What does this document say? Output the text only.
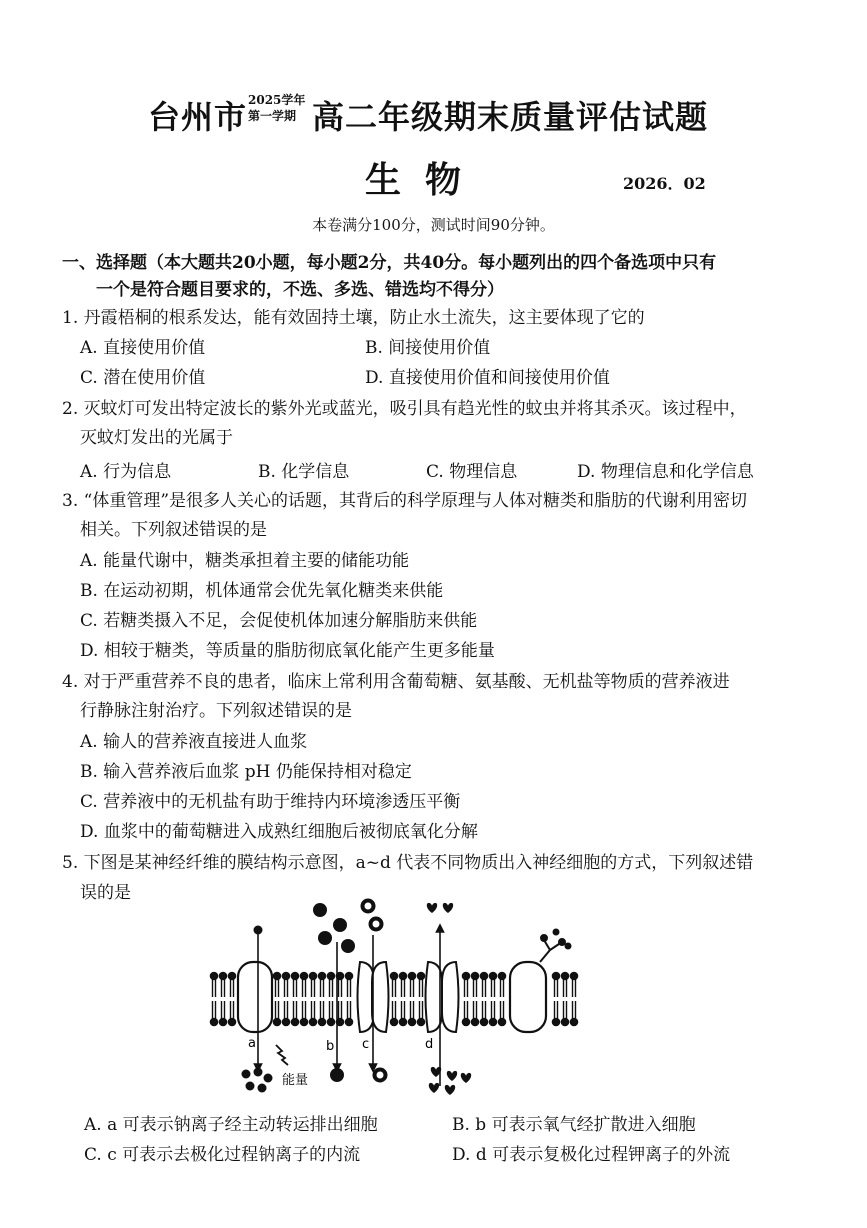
台州市 2025学年
第一学期 高二年级期末质量评估试题
生物	2026．02
本卷满分100分，测试时间90分钟。
一、选择题（本大题共20小题，每小题2分，共40分。每小题列出的四个备选项中只有
一个是符合题目要求的，不选、多选、错选均不得分）
1. 丹霞梧桐的根系发达，能有效固持土壤，防止水土流失，这主要体现了它的
A. 直接使用价值	B. 间接使用价值
C. 潜在使用价值	D. 直接使用价值和间接使用价值
2. 灭蚊灯可发出特定波长的紫外光或蓝光，吸引具有趋光性的蚊虫并将其杀灭。该过程中，
灭蚊灯发出的光属于
A. 行为信息	B. 化学信息	C. 物理信息	D. 物理信息和化学信息
3. “体重管理”是很多人关心的话题，其背后的科学原理与人体对糖类和脂肪的代谢利用密切
相关。下列叙述错误的是
A. 能量代谢中，糖类承担着主要的储能功能
B. 在运动初期，机体通常会优先氧化糖类来供能
C. 若糖类摄入不足，会促使机体加速分解脂肪来供能
D. 相较于糖类，等质量的脂肪彻底氧化能产生更多能量
4. 对于严重营养不良的患者，临床上常利用含葡萄糖、氨基酸、无机盐等物质的营养液进
行静脉注射治疗。下列叙述错误的是
A. 输人的营养液直接进人血浆
B. 输入营养液后血浆 pH 仍能保持相对稳定
C. 营养液中的无机盐有助于维持内环境渗透压平衡
D. 血浆中的葡萄糖进入成熟红细胞后被彻底氧化分解
5. 下图是某神经纤维的膜结构示意图，a~d 代表不同物质出入神经细胞的方式，下列叙述错
误的是
a	b c	d
能量
A. a 可表示钠离子经主动转运排出细胞	B. b 可表示氧气经扩散进入细胞
C. c 可表示去极化过程钠离子的内流	D. d 可表示复极化过程钾离子的外流
